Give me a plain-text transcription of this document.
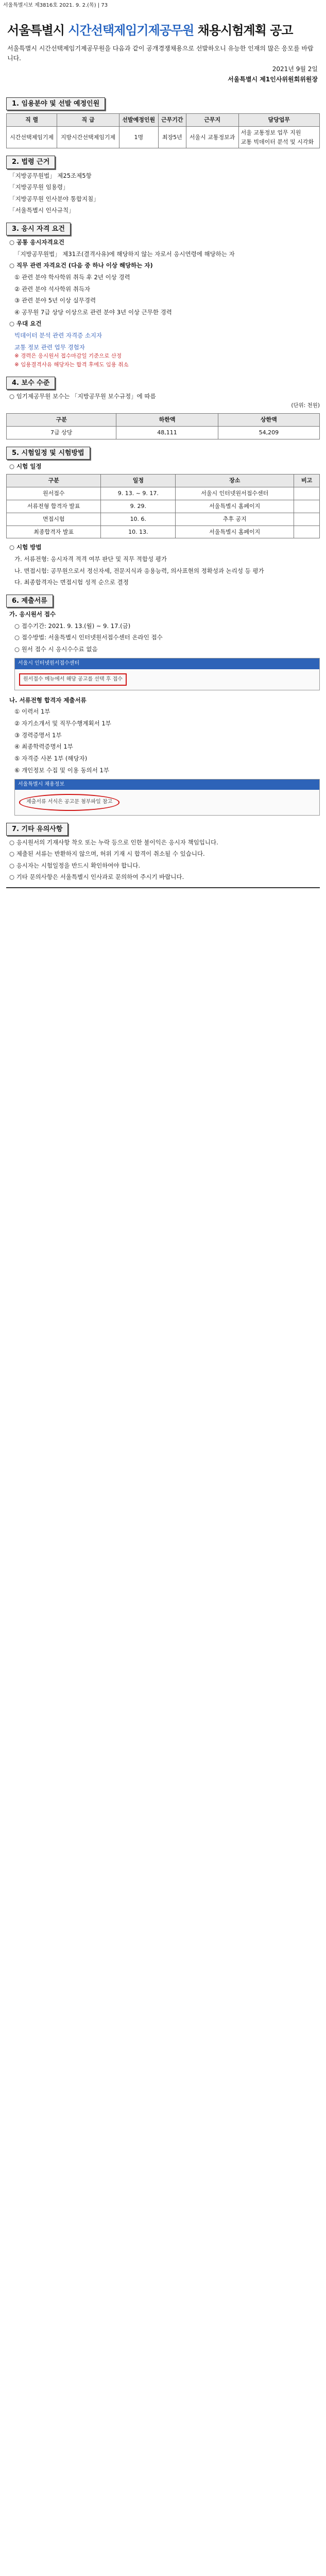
서울특별시보 제3816호 2021. 9. 2.(목) | 73
서울특별시 시간선택제임기제공무원 채용시험계획 공고
서울특별시 시간선택제임기제공무원을 다음과 같이 공개경쟁채용으로 선발하오니 유능한 인재의 많은 응모를 바랍니다.
2021년 9월 2일
서울특별시 제1인사위원회위원장
1. 임용분야 및 선발 예정인원
직 렬	직 급	선발예정인원	근무기간	근무지	담당업무
시간선택제임기제	지방시간선택제임기제	1명	최장5년	서울시 교통정보과	서울 교통정보 업무 지원
교통 빅데이터 분석 및 시각화
2. 법령 근거
「지방공무원법」 제25조제5항
「지방공무원 임용령」
「지방공무원 인사분야 통합지침」
「서울특별시 인사규칙」
3. 응시 자격 요건
○ 공통 응시자격요건
「지방공무원법」 제31조(결격사유)에 해당하지 않는 자로서 응시연령에 해당하는 자
○ 직무 관련 자격요건 (다음 중 하나 이상 해당하는 자)
① 관련 분야 학사학위 취득 후 2년 이상 경력
② 관련 분야 석사학위 취득자
③ 관련 분야 5년 이상 실무경력
④ 공무원 7급 상당 이상으로 관련 분야 3년 이상 근무한 경력
○ 우대 요건
빅데이터 분석 관련 자격증 소지자
교통 정보 관련 업무 경험자
※ 경력은 응시원서 접수마감일 기준으로 산정
※ 임용결격사유 해당자는 합격 후에도 임용 취소
4. 보수 수준
○ 임기제공무원 보수는 「지방공무원 보수규정」에 따름
(단위: 천원)
구분	하한액	상한액
7급 상당	48,111	54,209
5. 시험일정 및 시험방법
○ 시험 일정
구분	일정	장소	비고
원서접수	9. 13. ~ 9. 17.	서울시 인터넷원서접수센터	
서류전형 합격자 발표	9. 29.	서울특별시 홈페이지	
면접시험	10. 6.	추후 공지	
최종합격자 발표	10. 13.	서울특별시 홈페이지	
○ 시험 방법
가. 서류전형: 응시자격 적격 여부 판단 및 직무 적합성 평가
나. 면접시험: 공무원으로서 정신자세, 전문지식과 응용능력, 의사표현의 정확성과 논리성 등 평가
다. 최종합격자는 면접시험 성적 순으로 결정
6. 제출서류
가. 응시원서 접수
○ 접수기간: 2021. 9. 13.(월) ~ 9. 17.(금)
○ 접수방법: 서울특별시 인터넷원서접수센터 온라인 접수
○ 원서 접수 시 응시수수료 없음
서울시 인터넷원서접수센터
원서접수 메뉴에서 해당 공고를 선택 후 접수
나. 서류전형 합격자 제출서류
① 이력서 1부
② 자기소개서 및 직무수행계획서 1부
③ 경력증명서 1부
④ 최종학력증명서 1부
⑤ 자격증 사본 1부 (해당자)
⑥ 개인정보 수집 및 이용 동의서 1부
서울특별시 채용정보
제출서류 서식은 공고문 첨부파일 참고
7. 기타 유의사항
○ 응시원서의 기재사항 착오 또는 누락 등으로 인한 불이익은 응시자 책임입니다.
○ 제출된 서류는 반환하지 않으며, 허위 기재 시 합격이 취소될 수 있습니다.
○ 응시자는 시험일정을 반드시 확인하여야 합니다.
○ 기타 문의사항은 서울특별시 인사과로 문의하여 주시기 바랍니다.
